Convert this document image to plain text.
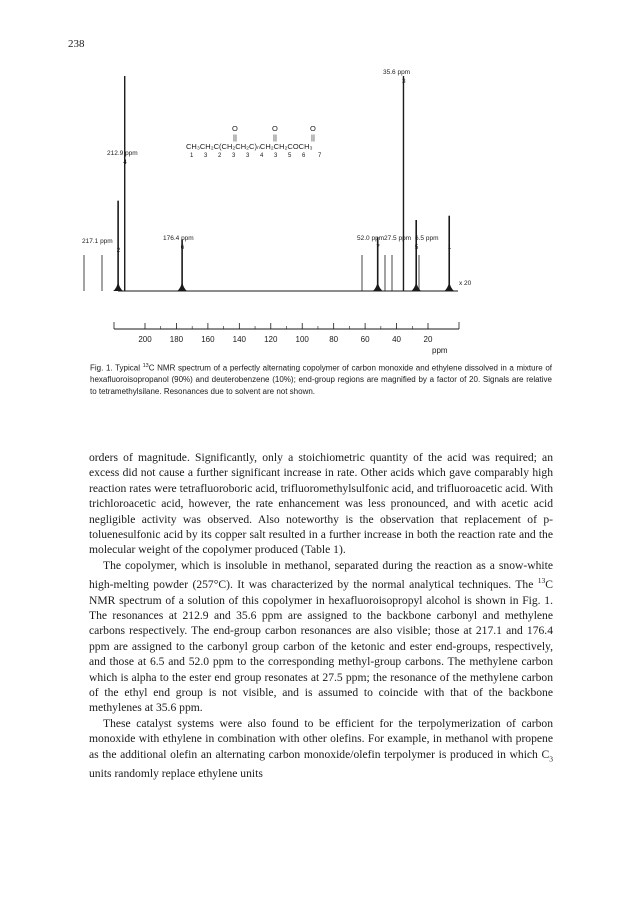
238
O	O	O
||	||	||
CH₃CH₂C(CH₂CH₂C)ₙCH₂CH₂COCH₃
1 3 2 3 3 4 3 5 6 7
217.1 ppm
2
212.9 ppm
4
176.4 ppm
6
52.0 ppm
7
35.6 ppm
3
27.5 ppm
5
6.5 ppm
1
x 20
200 180 160 140 120 100	80	60	40	20
ppm
Fig. 1. Typical $^{13}$C NMR spectrum of a perfectly alternating copolymer of carbon monoxide and ethylene dissolved in a mixture of hexafluoroisopropanol (90%) and deuterobenzene (10%); end-group regions are magnified by a factor of 20. Signals are relative to tetramethylsilane. Resonances due to solvent are not shown.

orders of magnitude. Significantly, only a stoichiometric quantity of the acid was required; an excess did not cause a further significant increase in rate. Other acids which gave comparably high reaction rates were tetrafluoroboric acid, trifluoromethylsulfonic acid, and trifluoroacetic acid. With trichloroacetic acid, however, the rate enhancement was less pronounced, and with acetic acid negligible activity was observed. Also noteworthy is the observation that replacement of p-toluenesulfonic acid by its copper salt resulted in a further increase in both the reaction rate and the molecular weight of the copolymer produced (Table 1).

The copolymer, which is insoluble in methanol, separated during the reaction as a snow-white high-melting powder (257°C). It was characterized by the normal analytical techniques. The $^{13}$C NMR spectrum of a solution of this copolymer in hexafluoroisopropyl alcohol is shown in Fig. 1. The resonances at 212.9 and 35.6 ppm are assigned to the backbone carbonyl and methylene carbons respectively. The end-group carbon resonances are also visible; those at 217.1 and 176.4 ppm are assigned to the carbonyl group carbon of the ketonic and ester end-groups, respectively, and those at 6.5 and 52.0 ppm to the corresponding methyl-group carbons. The methylene carbon which is alpha to the ester end group resonates at 27.5 ppm; the resonance of the methylene carbon of the ethyl end group is not visible, and is assumed to coincide with that of the backbone methylenes at 35.6 ppm.

These catalyst systems were also found to be efficient for the terpolymerization of carbon monoxide with ethylene in combination with other olefins. For example, in methanol with propene as the additional olefin an alternating carbon monoxide/olefin terpolymer is produced in which $C_3$ units randomly replace ethylene units
